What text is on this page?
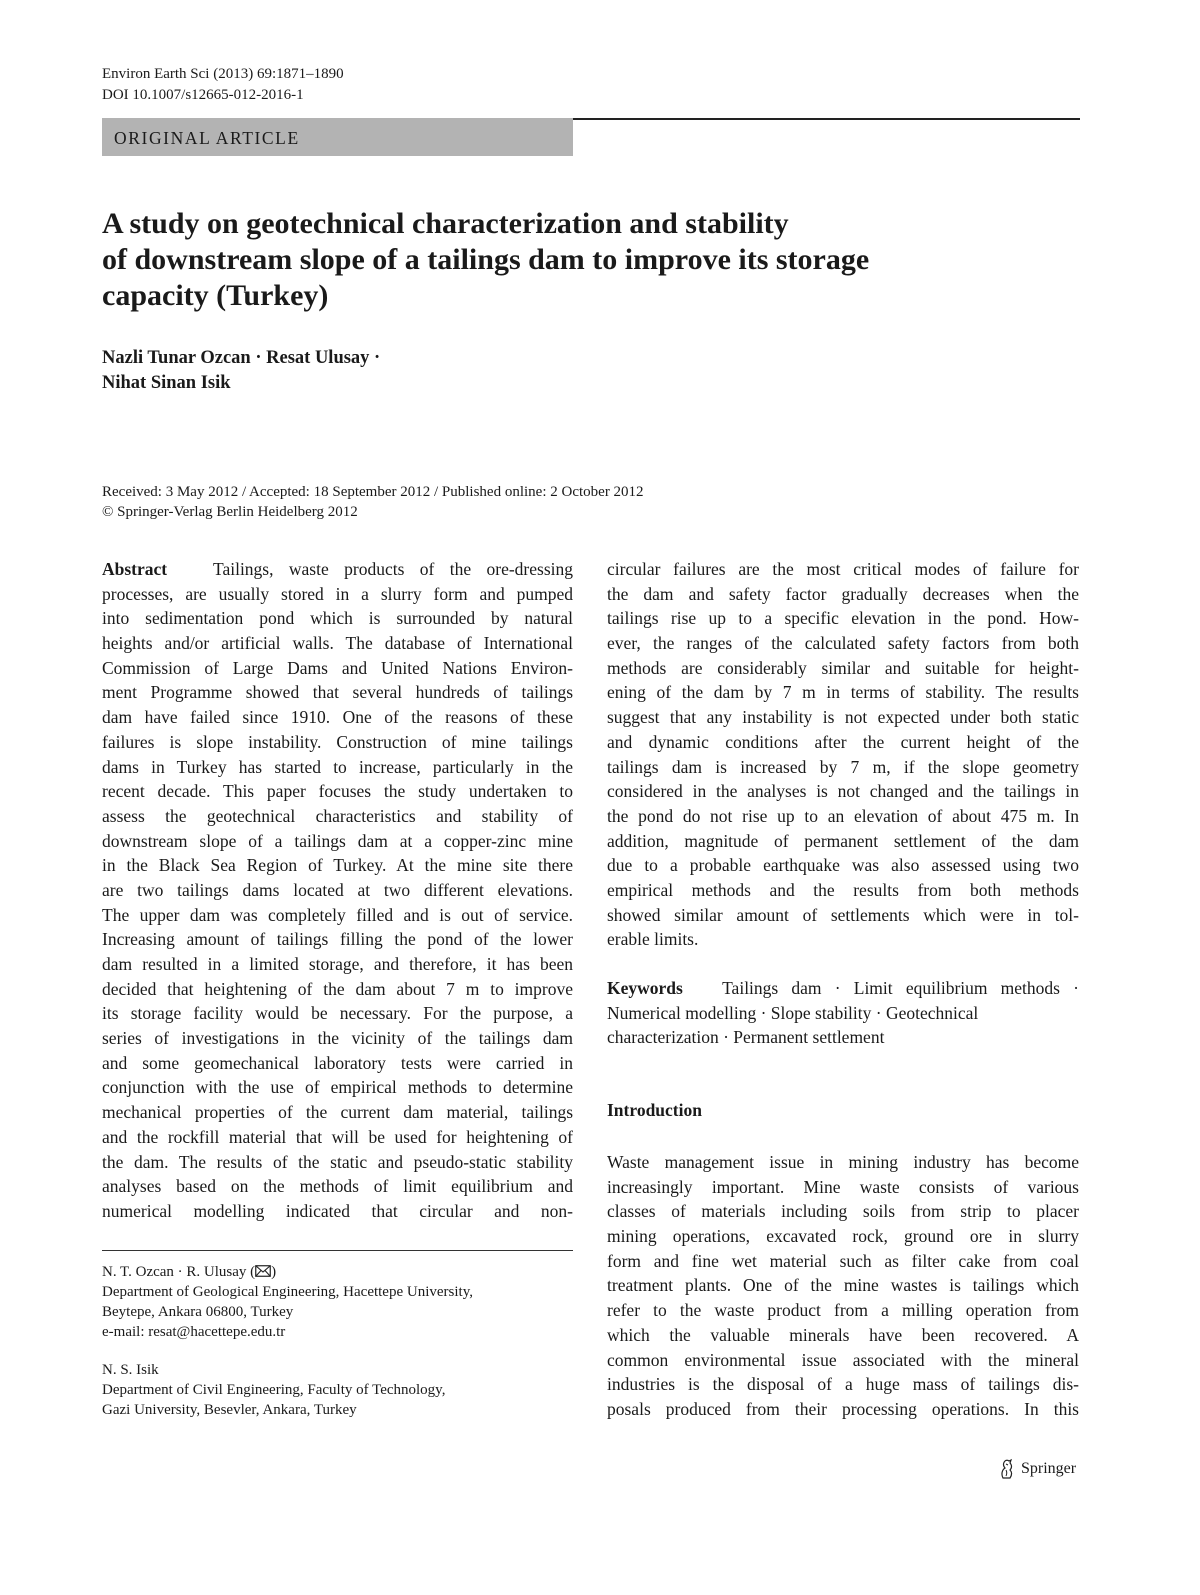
Environ Earth Sci (2013) 69:1871–1890
DOI 10.1007/s12665-012-2016-1
ORIGINAL ARTICLE
A study on geotechnical characterization and stability
of downstream slope of a tailings dam to improve its storage
capacity (Turkey)
Nazli Tunar Ozcan · Resat Ulusay ·
Nihat Sinan Isik
Received: 3 May 2012 / Accepted: 18 September 2012 / Published online: 2 October 2012
© Springer-Verlag Berlin Heidelberg 2012
Abstract	Tailings, waste products of the ore-dressing
processes, are usually stored in a slurry form and pumped
into sedimentation pond which is surrounded by natural
heights and/or artificial walls. The database of International
Commission of Large Dams and United Nations Environ-
ment Programme showed that several hundreds of tailings
dam have failed since 1910. One of the reasons of these
failures is slope instability. Construction of mine tailings
dams in Turkey has started to increase, particularly in the
recent decade. This paper focuses the study undertaken to
assess the geotechnical characteristics and stability of
downstream slope of a tailings dam at a copper-zinc mine
in the Black Sea Region of Turkey. At the mine site there
are two tailings dams located at two different elevations.
The upper dam was completely filled and is out of service.
Increasing amount of tailings filling the pond of the lower
dam resulted in a limited storage, and therefore, it has been
decided that heightening of the dam about 7 m to improve
its storage facility would be necessary. For the purpose, a
series of investigations in the vicinity of the tailings dam
and some geomechanical laboratory tests were carried in
conjunction with the use of empirical methods to determine
mechanical properties of the current dam material, tailings
and the rockfill material that will be used for heightening of
the dam. The results of the static and pseudo-static stability
analyses based on the methods of limit equilibrium and
numerical modelling indicated that circular and non-
circular failures are the most critical modes of failure for
the dam and safety factor gradually decreases when the
tailings rise up to a specific elevation in the pond. How-
ever, the ranges of the calculated safety factors from both
methods are considerably similar and suitable for height-
ening of the dam by 7 m in terms of stability. The results
suggest that any instability is not expected under both static
and dynamic conditions after the current height of the
tailings dam is increased by 7 m, if the slope geometry
considered in the analyses is not changed and the tailings in
the pond do not rise up to an elevation of about 475 m. In
addition, magnitude of permanent settlement of the dam
due to a probable earthquake was also assessed using two
empirical methods and the results from both methods
showed similar amount of settlements which were in tol-
erable limits.
Keywords Tailings dam · Limit equilibrium methods ·
Numerical modelling · Slope stability · Geotechnical
characterization · Permanent settlement
Introduction
Waste management issue in mining industry has become
increasingly important. Mine waste consists of various
classes of materials including soils from strip to placer
mining operations, excavated rock, ground ore in slurry
form and fine wet material such as filter cake from coal
treatment plants. One of the mine wastes is tailings which
refer to the waste product from a milling operation from
which the valuable minerals have been recovered. A
common environmental issue associated with the mineral
industries is the disposal of a huge mass of tailings dis-
posals produced from their processing operations. In this
N. T. Ozcan · R. Ulusay ( )
Department of Geological Engineering, Hacettepe University,
Beytepe, Ankara 06800, Turkey
e-mail: resat@hacettepe.edu.tr
N. S. Isik
Department of Civil Engineering, Faculty of Technology,
Gazi University, Besevler, Ankara, Turkey
Springer
